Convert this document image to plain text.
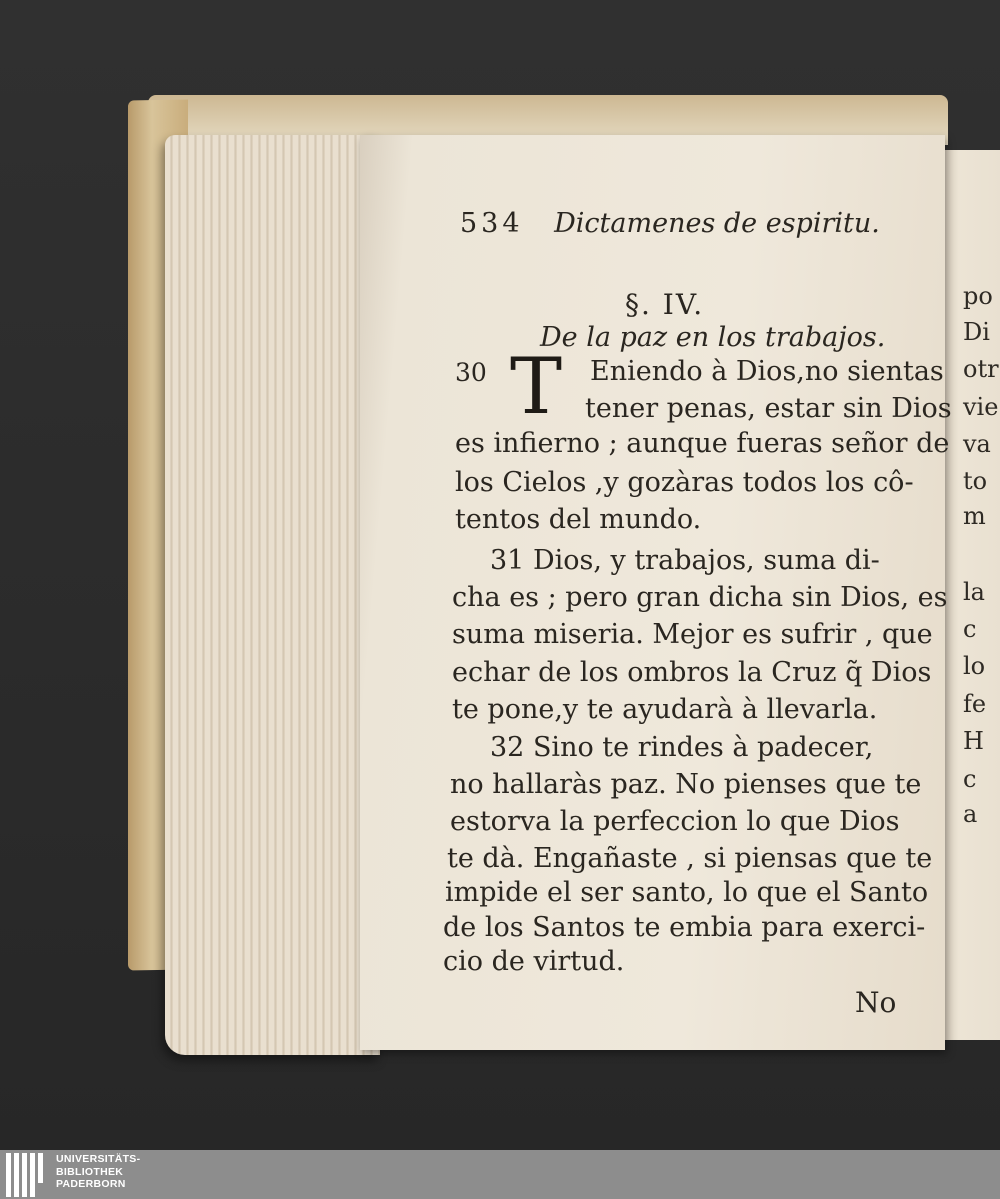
po
Di
otr
vie
va
to
m
la
c
lo
fe
H
c
a
534 Dictamenes de espiritu.
§. IV.
De la paz en los trabajos.
30 T Eniendo à Dios,no sientas
tener penas, estar sin Dios
es infierno ; aunque fueras señor de
los Cielos ,y gozàras todos los cô-
tentos del mundo.
31 Dios, y trabajos, suma di-
cha es ; pero gran dicha sin Dios, es
suma miseria. Mejor es sufrir , que
echar de los ombros la Cruz q̃ Dios
te pone,y te ayudarà à llevarla.
32 Sino te rindes à padecer,
no hallaràs paz. No pienses que te
estorva la perfeccion lo que Dios
te dà. Engañaste , si piensas que te
impide el ser santo, lo que el Santo
de los Santos te embia para exerci-
cio de virtud.
No
UNIVERSITÄTS-
BIBLIOTHEK
PADERBORN
